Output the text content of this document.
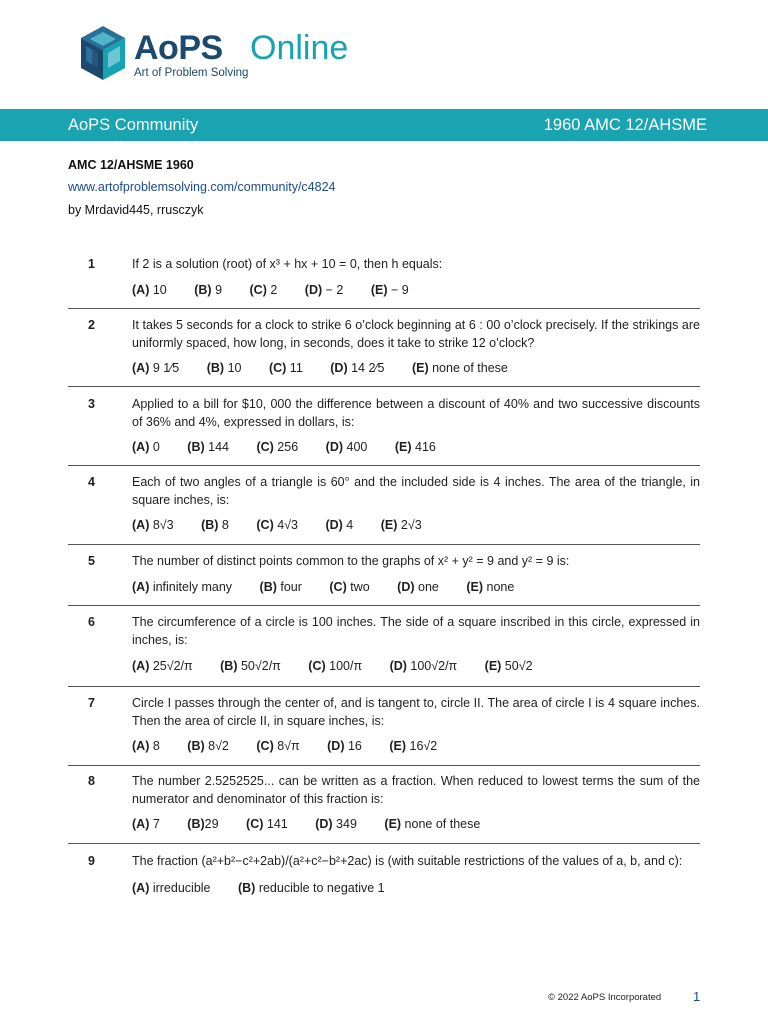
AoPS Online
Art of Problem Solving
AoPS Community	1960 AMC 12/AHSME
AMC 12/AHSME 1960
www.artofproblemsolving.com/community/c4824
by Mrdavid445, rrusczyk
1	If 2 is a solution (root) of x³ + hx + 10 = 0, then h equals:
(A) 10 (B) 9 (C) 2 (D) − 2 (E) − 9
2	It takes 5 seconds for a clock to strike 6 o’clock beginning at 6 : 00 o’clock precisely. If the strikings are uniformly spaced, how long, in seconds, does it take to strike 12 o’clock?
(A) 9 1⁄5 (B) 10 (C) 11 (D) 14 2⁄5 (E) none of these
3	Applied to a bill for $10, 000 the difference between a discount of 40% and two successive discounts of 36% and 4%, expressed in dollars, is:
(A) 0 (B) 144 (C) 256 (D) 400 (E) 416
4	Each of two angles of a triangle is 60° and the included side is 4 inches. The area of the triangle, in square inches, is:
(A) 8√3 (B) 8 (C) 4√3 (D) 4 (E) 2√3
5	The number of distinct points common to the graphs of x² + y² = 9 and y² = 9 is:
(A) infinitely many (B) four (C) two (D) one (E) none
6	The circumference of a circle is 100 inches. The side of a square inscribed in this circle, expressed in inches, is:
(A) 25√2/π (B) 50√2/π (C) 100/π (D) 100√2/π (E) 50√2
7	Circle I passes through the center of, and is tangent to, circle II. The area of circle I is 4 square inches. Then the area of circle II, in square inches, is:
(A) 8 (B) 8√2 (C) 8√π (D) 16 (E) 16√2
8	The number 2.5252525... can be written as a fraction. When reduced to lowest terms the sum of the numerator and denominator of this fraction is:
(A) 7 (B)29 (C) 141 (D) 349 (E) none of these
9	The fraction (a²+b²−c²+2ab)/(a²+c²−b²+2ac) is (with suitable restrictions of the values of a, b, and c):
(A) irreducible (B) reducible to negative 1
© 2022 AoPS Incorporated 1
